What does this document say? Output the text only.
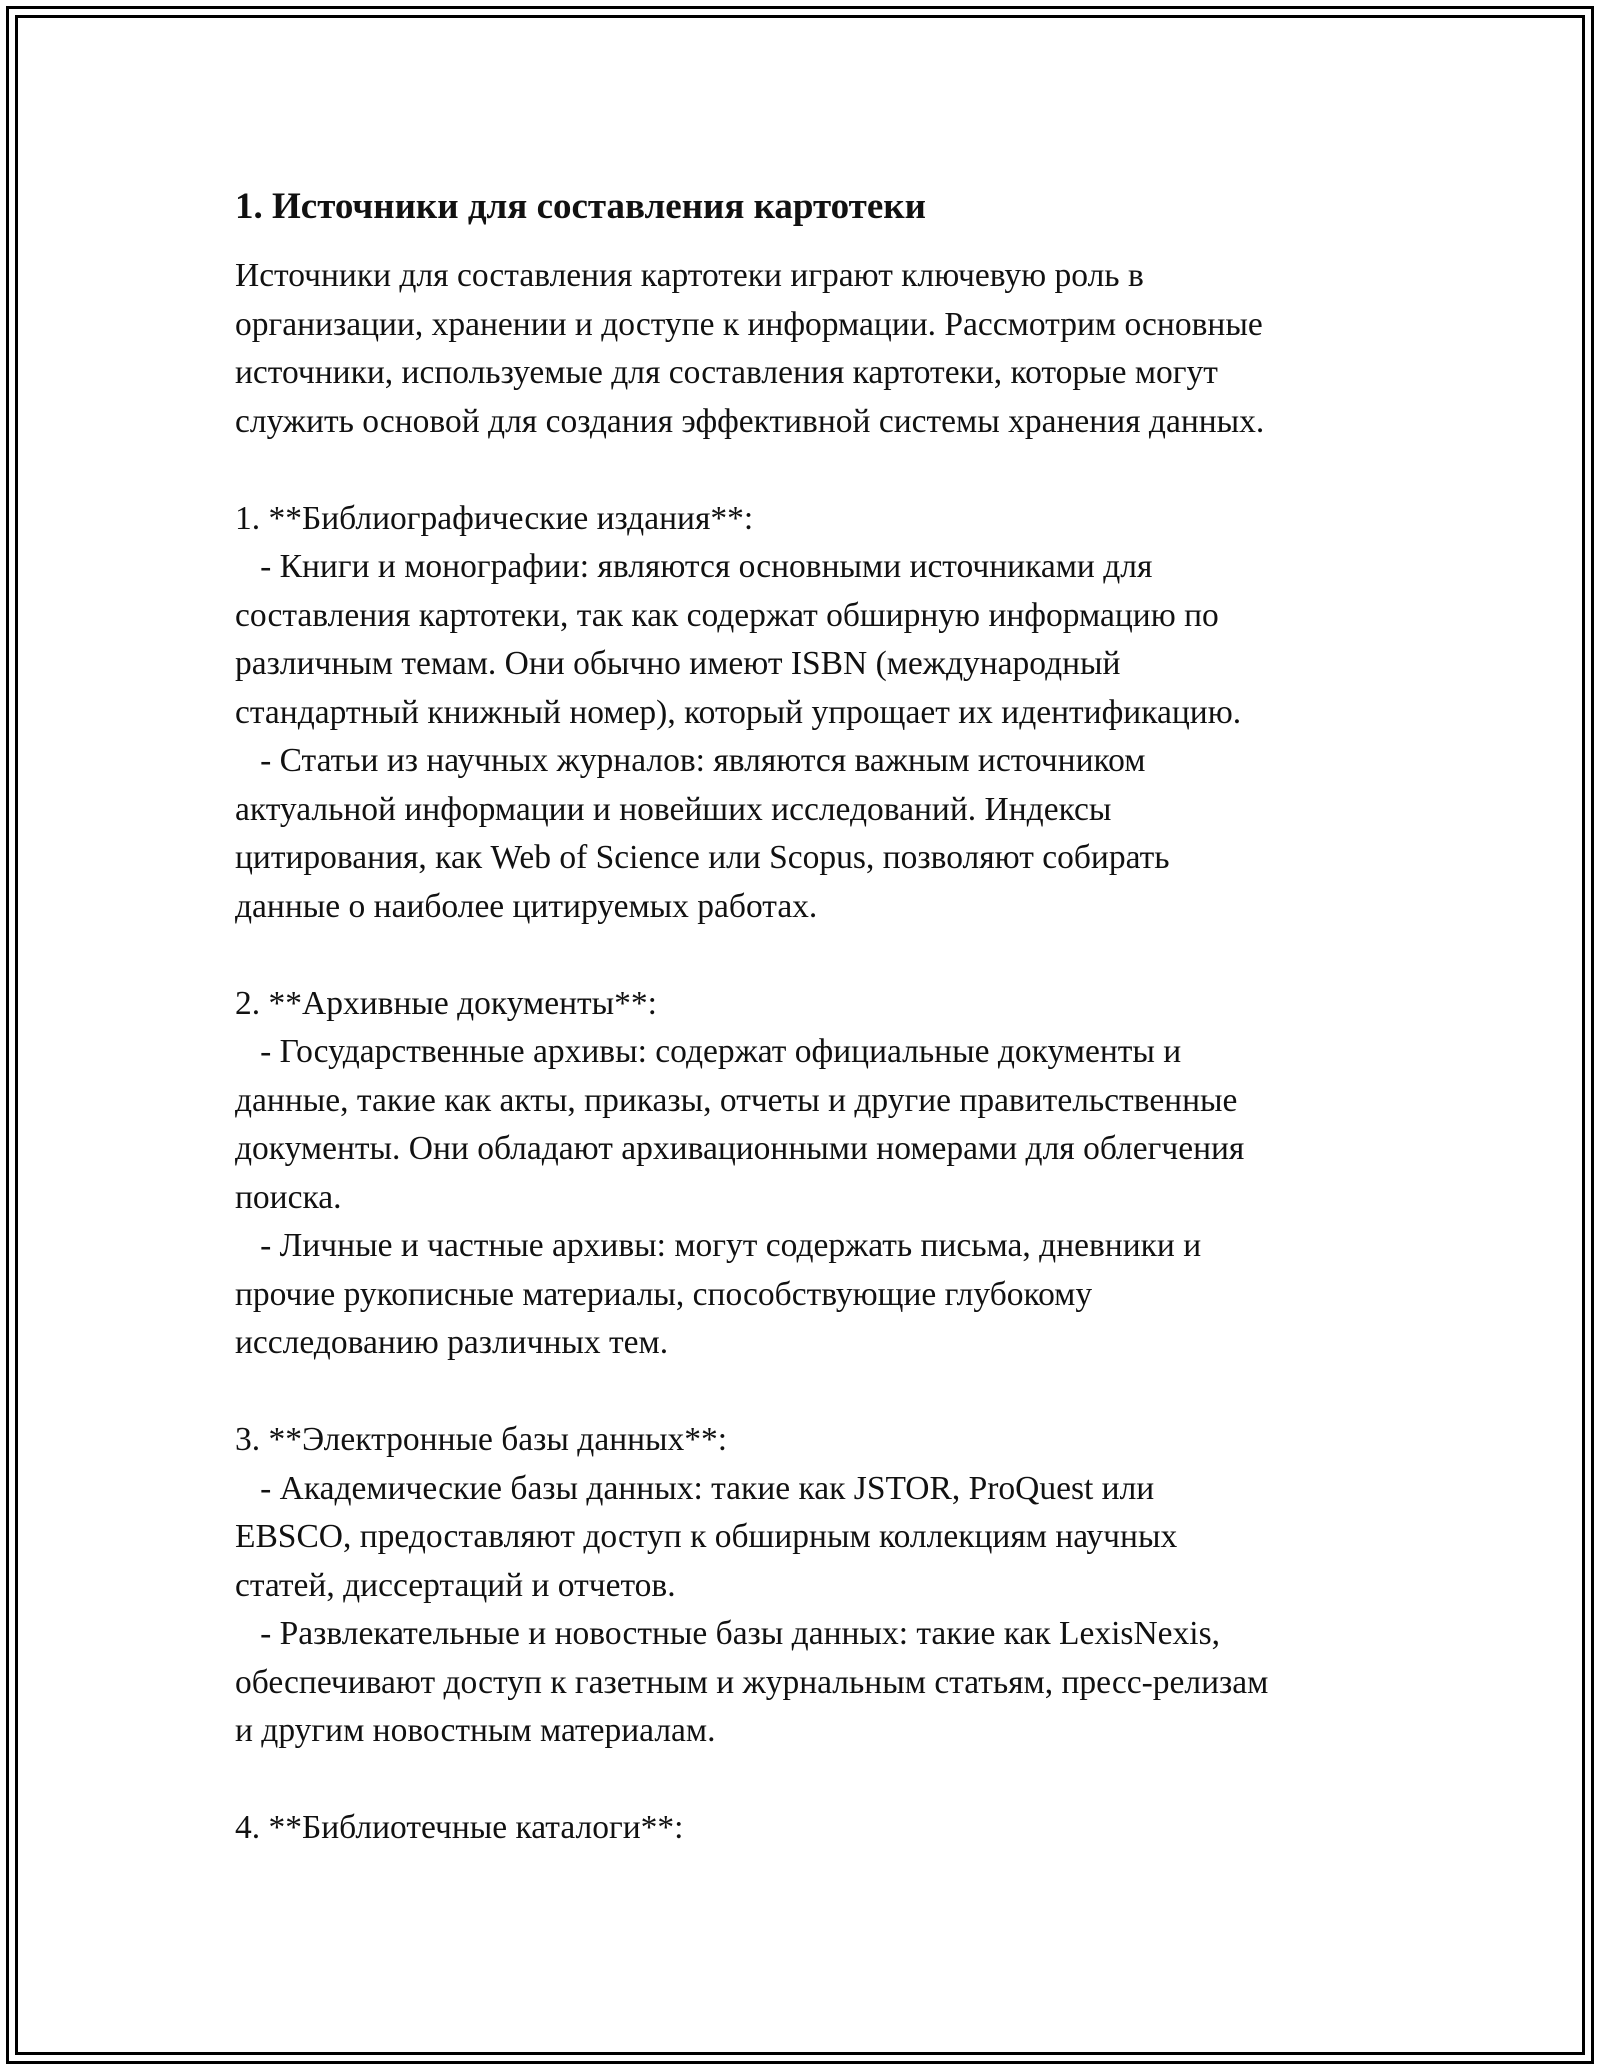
1. Источники для составления картотеки
Источники для составления картотеки играют ключевую роль в
организации, хранении и доступе к информации. Рассмотрим основные
источники, используемые для составления картотеки, которые могут
служить основой для создания эффективной системы хранения данных.
1. **Библиографические издания**:
- Книги и монографии: являются основными источниками для
составления картотеки, так как содержат обширную информацию по
различным темам. Они обычно имеют ISBN (международный
стандартный книжный номер), который упрощает их идентификацию.
- Статьи из научных журналов: являются важным источником
актуальной информации и новейших исследований. Индексы
цитирования, как Web of Science или Scopus, позволяют собирать
данные о наиболее цитируемых работах.
2. **Архивные документы**:
- Государственные архивы: содержат официальные документы и
данные, такие как акты, приказы, отчеты и другие правительственные
документы. Они обладают архивационными номерами для облегчения
поиска.
- Личные и частные архивы: могут содержать письма, дневники и
прочие рукописные материалы, способствующие глубокому
исследованию различных тем.
3. **Электронные базы данных**:
- Академические базы данных: такие как JSTOR, ProQuest или
EBSCO, предоставляют доступ к обширным коллекциям научных
статей, диссертаций и отчетов.
- Развлекательные и новостные базы данных: такие как LexisNexis,
обеспечивают доступ к газетным и журнальным статьям, пресс-релизам
и другим новостным материалам.
4. **Библиотечные каталоги**:
